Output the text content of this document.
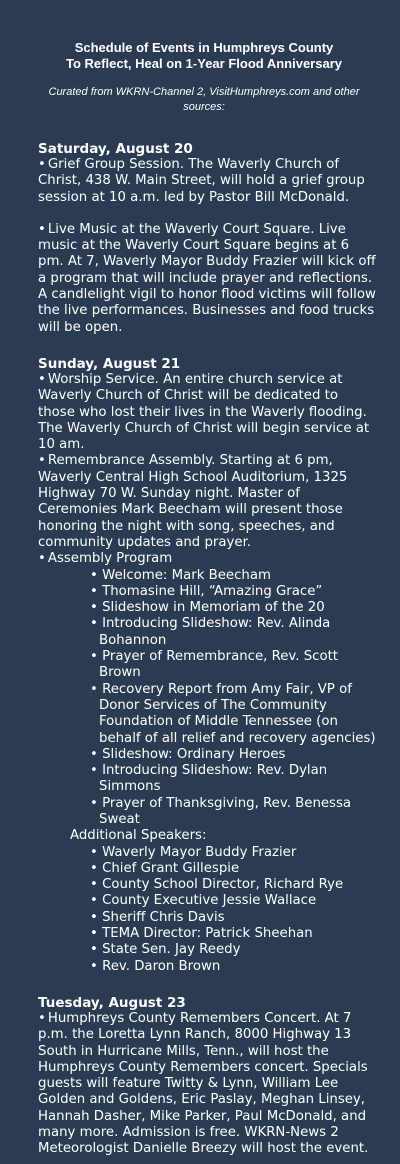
Schedule of Events in Humphreys County
To Reflect, Heal on 1-Year Flood Anniversary
Curated from WKRN-Channel 2, VisitHumphreys.com and other sources:
Saturday, August 20

• Grief Group Session. The Waverly Church of Christ, 438 W. Main Street, will hold a grief group session at 10 a.m. led by Pastor Bill McDonald.

• Live Music at the Waverly Court Square. Live music at the Waverly Court Square begins at 6 pm. At 7, Waverly Mayor Buddy Frazier will kick off a program that will include prayer and reflections. A candlelight vigil to honor flood victims will follow the live performances. Businesses and food trucks will be open.

Sunday, August 21

• Worship Service. An entire church service at Waverly Church of Christ will be dedicated to those who lost their lives in the Waverly flooding. The Waverly Church of Christ will begin service at 10 am.

• Remembrance Assembly. Starting at 6 pm, Waverly Central High School Auditorium, 1325 Highway 70 W. Sunday night. Master of Ceremonies Mark Beecham will present those honoring the night with song, speeches, and community updates and prayer.

• Assembly Program

• Welcome: Mark Beecham
• Thomasine Hill, “Amazing Grace”
• Slideshow in Memoriam of the 20
• Introducing Slideshow: Rev. Alinda Bohannon
• Prayer of Remembrance, Rev. Scott Brown
• Recovery Report from Amy Fair, VP of Donor Services of The Community Foundation of Middle Tennessee (on behalf of all relief and recovery agencies)
• Slideshow: Ordinary Heroes
• Introducing Slideshow: Rev. Dylan Simmons
• Prayer of Thanksgiving, Rev. Benessa Sweat
Additional Speakers:
• Waverly Mayor Buddy Frazier
• Chief Grant Gillespie
• County School Director, Richard Rye
• County Executive Jessie Wallace
• Sheriff Chris Davis
• TEMA Director: Patrick Sheehan
• State Sen. Jay Reedy
• Rev. Daron Brown
Tuesday, August 23

• Humphreys County Remembers Concert. At 7 p.m. the Loretta Lynn Ranch, 8000 Highway 13 South in Hurricane Mills, Tenn., will host the Humphreys County Remembers concert. Specials guests will feature Twitty & Lynn, William Lee Golden and Goldens, Eric Paslay, Meghan Linsey, Hannah Dasher, Mike Parker, Paul McDonald, and many more. Admission is free. WKRN-News 2 Meteorologist Danielle Breezy will host the event.
